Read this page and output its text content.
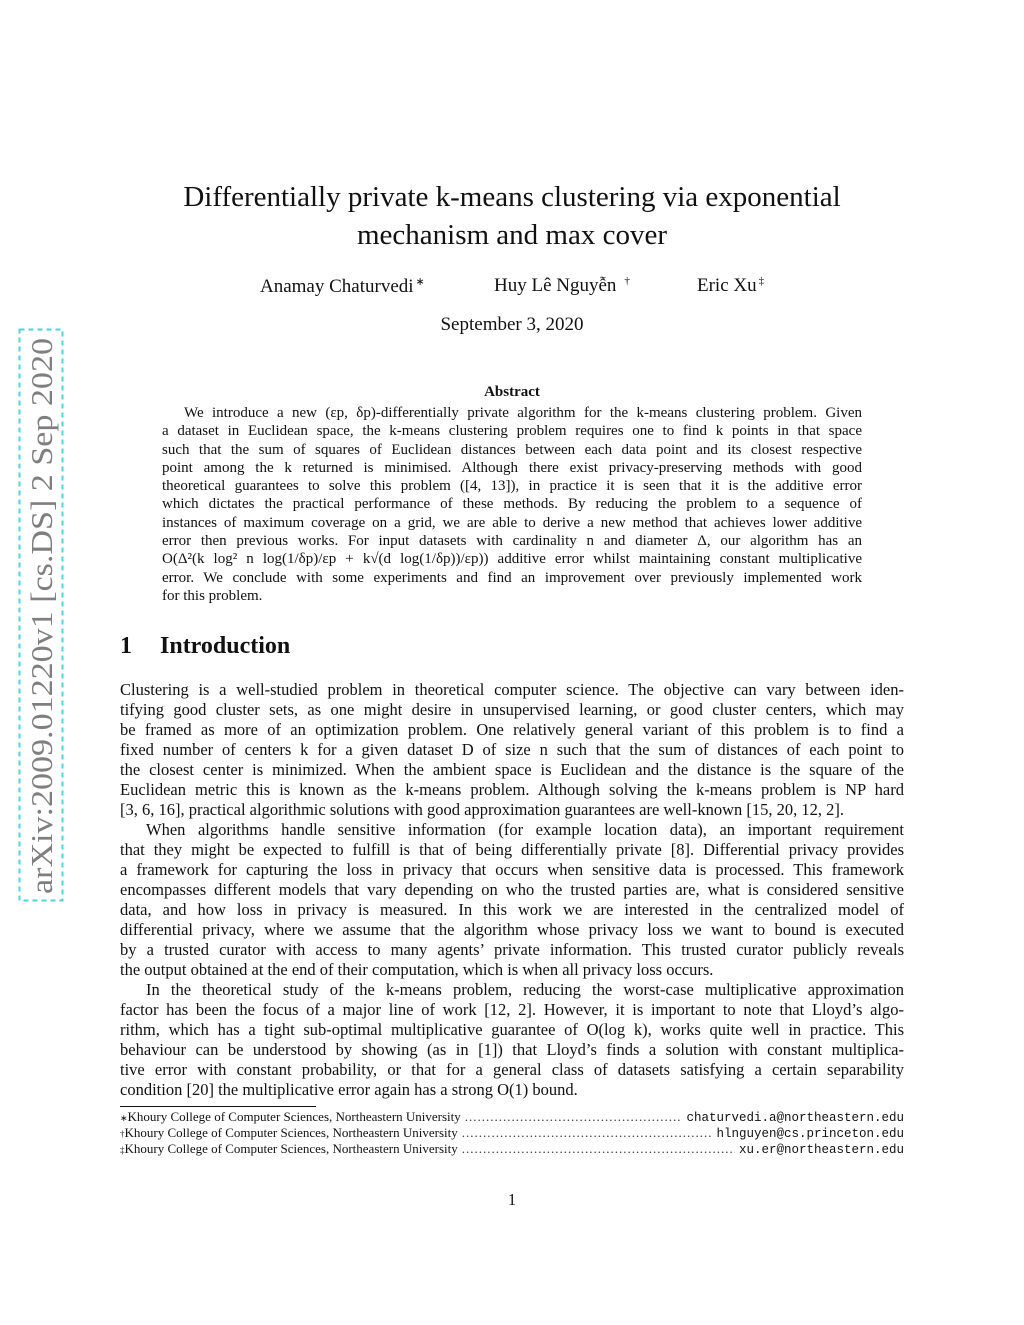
arXiv:2009.01220v1 [cs.DS] 2 Sep 2020
Differentially private k-means clustering via exponential
mechanism and max cover
Anamay Chaturvedi ∗	Huy Lê Nguyễn †	Eric Xu ‡
September 3, 2020
Abstract
We introduce a new (εp, δp)-differentially private algorithm for the k-means clustering problem. Given
a dataset in Euclidean space, the k-means clustering problem requires one to find k points in that space
such that the sum of squares of Euclidean distances between each data point and its closest respective
point among the k returned is minimised. Although there exist privacy-preserving methods with good
theoretical guarantees to solve this problem ([4, 13]), in practice it is seen that it is the additive error
which dictates the practical performance of these methods. By reducing the problem to a sequence of
instances of maximum coverage on a grid, we are able to derive a new method that achieves lower additive
error then previous works. For input datasets with cardinality n and diameter Δ, our algorithm has an
O(Δ²(k log² n log(1/δp)/εp + k√(d log(1/δp))/εp)) additive error whilst maintaining constant multiplicative
error. We conclude with some experiments and find an improvement over previously implemented work
for this problem.
1 Introduction
Clustering is a well-studied problem in theoretical computer science. The objective can vary between iden-
tifying good cluster sets, as one might desire in unsupervised learning, or good cluster centers, which may
be framed as more of an optimization problem. One relatively general variant of this problem is to find a
fixed number of centers k for a given dataset D of size n such that the sum of distances of each point to
the closest center is minimized. When the ambient space is Euclidean and the distance is the square of the
Euclidean metric this is known as the k-means problem. Although solving the k-means problem is NP hard
[3, 6, 16], practical algorithmic solutions with good approximation guarantees are well-known [15, 20, 12, 2].
When algorithms handle sensitive information (for example location data), an important requirement
that they might be expected to fulfill is that of being differentially private [8]. Differential privacy provides
a framework for capturing the loss in privacy that occurs when sensitive data is processed. This framework
encompasses different models that vary depending on who the trusted parties are, what is considered sensitive
data, and how loss in privacy is measured. In this work we are interested in the centralized model of
differential privacy, where we assume that the algorithm whose privacy loss we want to bound is executed
by a trusted curator with access to many agents’ private information. This trusted curator publicly reveals
the output obtained at the end of their computation, which is when all privacy loss occurs.
In the theoretical study of the k-means problem, reducing the worst-case multiplicative approximation
factor has been the focus of a major line of work [12, 2]. However, it is important to note that Lloyd’s algo-
rithm, which has a tight sub-optimal multiplicative guarantee of O(log k), works quite well in practice. This
behaviour can be understood by showing (as in [1]) that Lloyd’s finds a solution with constant multiplica-
tive error with constant probability, or that for a general class of datasets satisfying a certain separability
condition [20] the multiplicative error again has a strong O(1) bound.
∗ Khoury College of Computer Sciences, Northeastern University .....	chaturvedi.a@northeastern.edu
† Khoury College of Computer Sciences, Northeastern University .....	hlnguyen@cs.princeton.edu
‡ Khoury College of Computer Sciences, Northeastern University .....	xu.er@northeastern.edu
1
